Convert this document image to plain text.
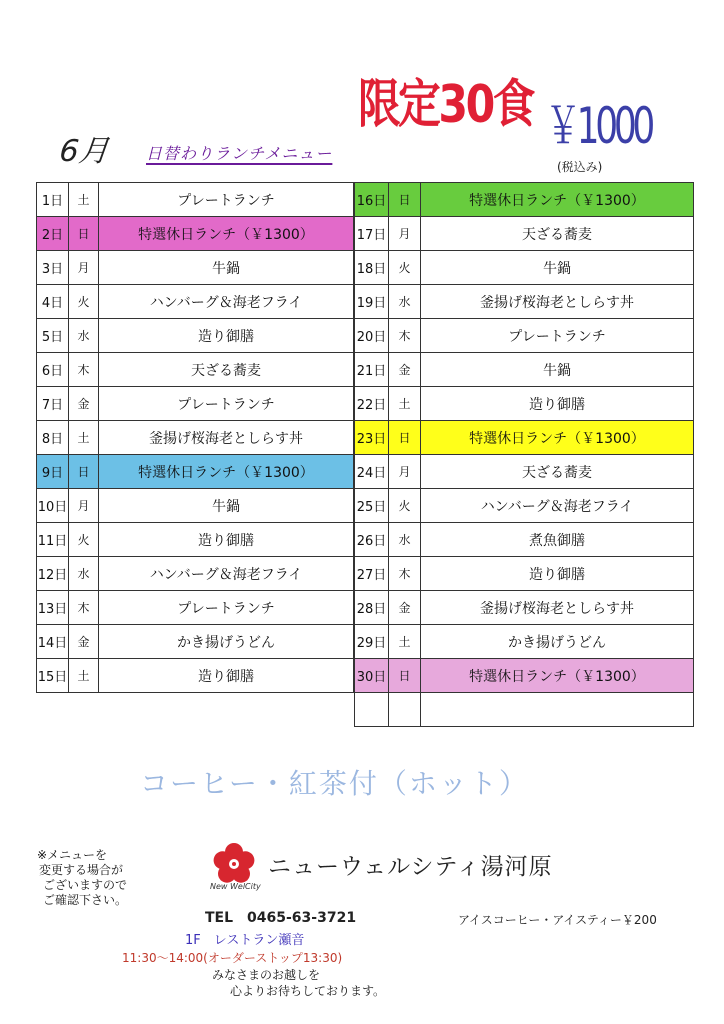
6月 日替わりランチメニュー
限定30食 ￥1000
(税込み)
1日	土	プレートランチ
2日	日	特選休日ランチ（￥1300）
3日	月	牛鍋
4日	火	ハンバーグ＆海老フライ
5日	水	造り御膳
6日	木	天ざる蕎麦
7日	金	プレートランチ
8日	土	釜揚げ桜海老としらす丼
9日	日	特選休日ランチ（￥1300）
10日	月	牛鍋
11日	火	造り御膳
12日	水	ハンバーグ＆海老フライ
13日	木	プレートランチ
14日	金	かき揚げうどん
15日	土	造り御膳
16日	日	特選休日ランチ（￥1300）
17日	月	天ざる蕎麦
18日	火	牛鍋
19日	水	釜揚げ桜海老としらす丼
20日	木	プレートランチ
21日	金	牛鍋
22日	土	造り御膳
23日	日	特選休日ランチ（￥1300）
24日	月	天ざる蕎麦
25日	火	ハンバーグ＆海老フライ
26日	水	煮魚御膳
27日	木	造り御膳
28日	金	釜揚げ桜海老としらす丼
29日	土	かき揚げうどん
30日	日	特選休日ランチ（￥1300）

コーヒー・紅茶付（ホット）
※メニューを
変更する場合が
ございますので
ご確認下さい。
New WelCity
ニューウェルシティ湯河原
TEL　0465-63-3721	アイスコーヒー・アイスティー￥200
1F　レストラン瀬音
11:30～14:00(オーダーストップ13:30)
みなさまのお越しを
心よりお待ちしております。
